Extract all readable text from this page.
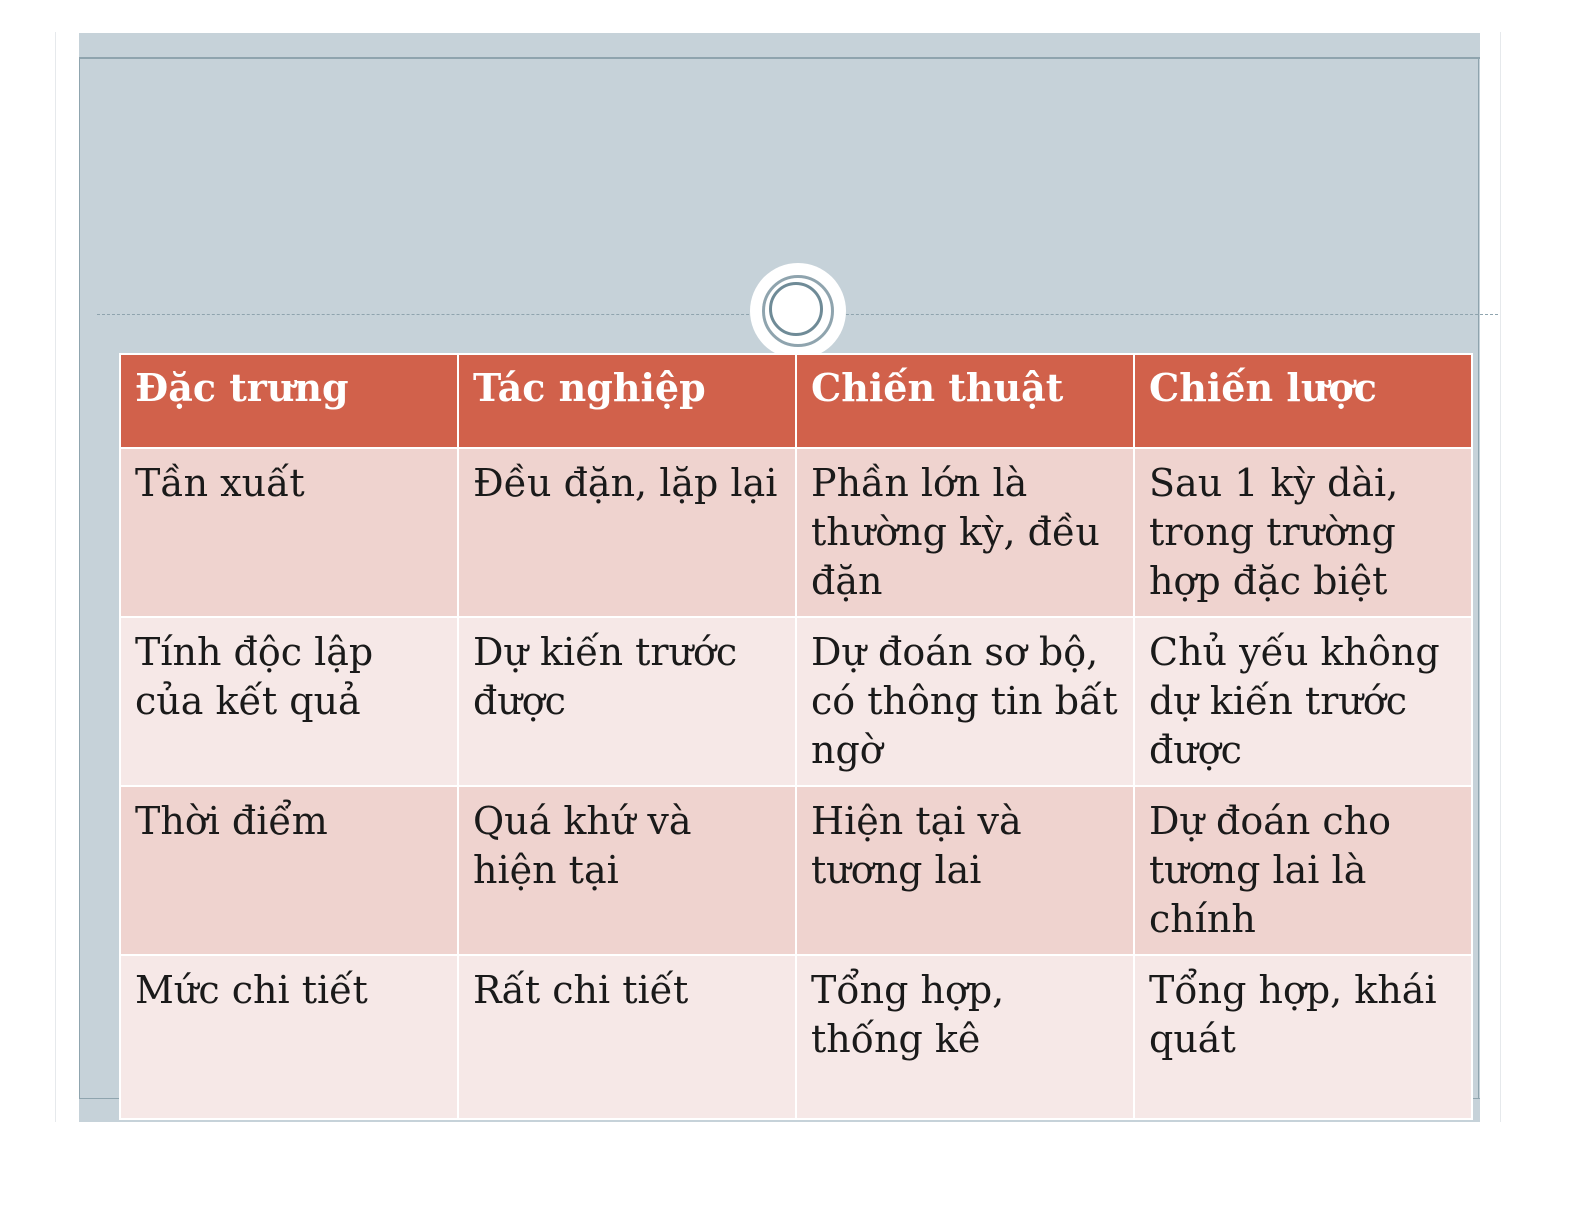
Đặc trưng	Tác nghiệp	Chiến thuật	Chiến lược
Tần xuất	Đều đặn, lặp lại	Phần lớn là thường kỳ, đều đặn	Sau 1 kỳ dài, trong trường hợp đặc biệt
Tính độc lập của kết quả	Dự kiến trước được	Dự đoán sơ bộ, có thông tin bất ngờ	Chủ yếu không dự kiến trước được
Thời điểm	Quá khứ và hiện tại	Hiện tại và tương lai	Dự đoán cho tương lai là chính
Mức chi tiết	Rất chi tiết	Tổng hợp, thống kê	Tổng hợp, khái quát
